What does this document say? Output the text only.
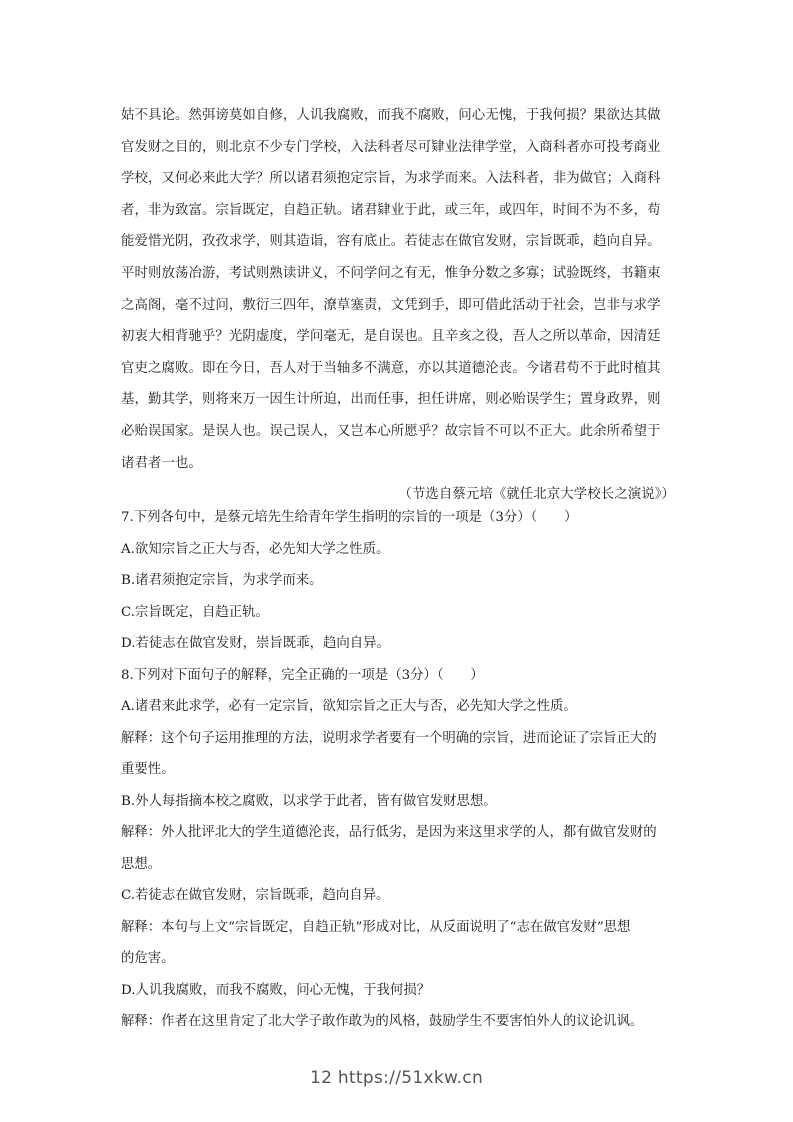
姑不具论。然弭谤莫如自修，人讥我腐败，而我不腐败，问心无愧，于我何损？果欲达其做
官发财之目的，则北京不少专门学校，入法科者尽可肄业法律学堂，入商科者亦可投考商业
学校，又何必来此大学？所以诸君须抱定宗旨，为求学而来。入法科者，非为做官；入商科
者，非为致富。宗旨既定，自趋正轨。诸君肄业于此，或三年，或四年，时间不为不多，苟
能爱惜光阴，孜孜求学，则其造诣，容有底止。若徒志在做官发财，宗旨既乖，趋向自异。
平时则放荡冶游，考试则熟读讲义，不问学问之有无，惟争分数之多寡；试验既终，书籍束
之高阁，毫不过问，敷衍三四年，潦草塞责，文凭到手，即可借此活动于社会，岂非与求学
初衷大相背驰乎？光阴虚度，学问毫无，是自误也。且辛亥之役，吾人之所以革命，因清廷
官吏之腐败。即在今日，吾人对于当轴多不满意，亦以其道德沦丧。今诸君苟不于此时植其
基，勤其学，则将来万一因生计所迫，出而任事，担任讲席，则必贻误学生；置身政界，则
必贻误国家。是误人也。误己误人，又岂本心所愿乎？故宗旨不可以不正大。此余所希望于
诸君者一也。
（节选自蔡元培《就任北京大学校长之演说》）
7.下列各句中，是蔡元培先生给青年学生指明的宗旨的一项是（3分）（　　）
A.欲知宗旨之正大与否，必先知大学之性质。
B.诸君须抱定宗旨，为求学而来。
C.宗旨既定，自趋正轨。
D.若徒志在做官发财，崇旨既乖，趋向自异。
8.下列对下面句子的解释，完全正确的一项是（3分）（　　）
A.诸君来此求学，必有一定宗旨，欲知宗旨之正大与否，必先知大学之性质。
解释：这个句子运用推理的方法，说明求学者要有一个明确的宗旨，进而论证了宗旨正大的
重要性。
B.外人每指摘本校之腐败，以求学于此者，皆有做官发财思想。
解释：外人批评北大的学生道德沦丧，品行低劣，是因为来这里求学的人，都有做官发财的
思想。
C.若徒志在做官发财，宗旨既乖，趋向自异。
解释：本句与上文“宗旨既定，自趋正轨”形成对比，从反面说明了“志在做官发财”思想
的危害。
D.人讥我腐败，而我不腐败，问心无愧，于我何损？
解释：作者在这里肯定了北大学子敢作敢为的风格，鼓励学生不要害怕外人的议论讥讽。
12 https://51xkw.cn
